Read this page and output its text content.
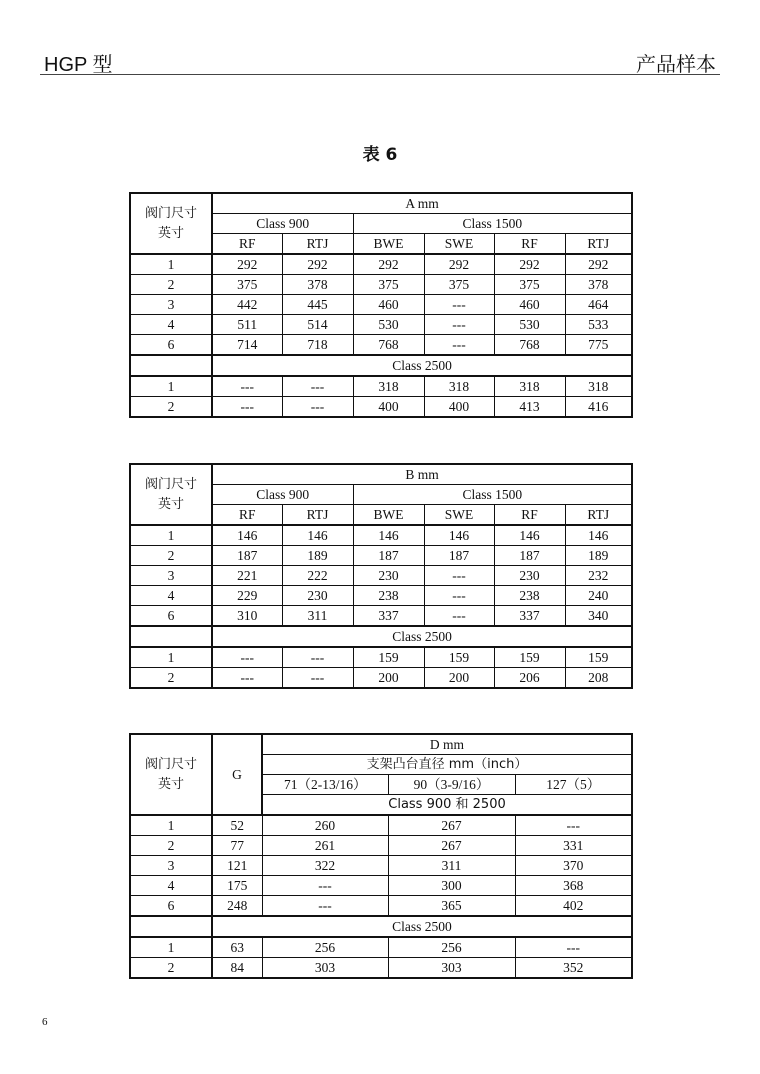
HGP 型	产品样本
表 6
阀门尺寸
英寸	A mm					
	Class 900		Class 1500			
	RF	RTJ	BWE	SWE	RF	RTJ
1	292	292	292	292	292	292
2	375	378	375	375	375	378
3	442	445	460	---	460	464
4	511	514	530	---	530	533
6	714	718	768	---	768	775
	Class 2500					
1	---	---	318	318	318	318
2	---	---	400	400	413	416
阀门尺寸
英寸	B mm					
	Class 900		Class 1500			
	RF	RTJ	BWE	SWE	RF	RTJ
1	146	146	146	146	146	146
2	187	189	187	187	187	189
3	221	222	230	---	230	232
4	229	230	238	---	238	240
6	310	311	337	---	337	340
	Class 2500					
1	---	---	159	159	159	159
2	---	---	200	200	206	208
阀门尺寸
英寸	G	D mm		
		支架凸台直径 mm（inch）		
		71（2-13/16）	90（3-9/16）	127（5）
		Class 900 和 2500		
1	52	260	267	---
2	77	261	267	331
3	121	322	311	370
4	175	---	300	368
6	248	---	365	402
	Class 2500			
1	63	256	256	---
2	84	303	303	352
6
